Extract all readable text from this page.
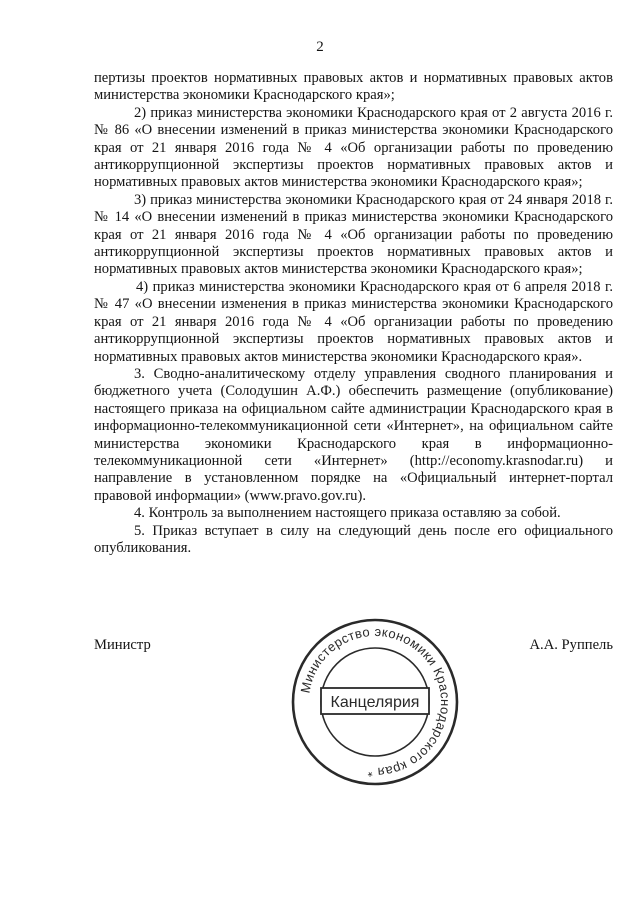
2

пертизы проектов нормативных правовых актов и нормативных правовых актов министерства экономики Краснодарского края»;

2) приказ министерства экономики Краснодарского края от 2 августа 2016 г. № 86 «О внесении изменений в приказ министерства экономики Краснодарского края от 21 января 2016 года № 4 «Об организации работы по проведению антикоррупционной экспертизы проектов нормативных правовых актов и нормативных правовых актов министерства экономики Краснодарского края»;

3) приказ министерства экономики Краснодарского края от 24 января 2018 г. № 14 «О внесении изменений в приказ министерства экономики Краснодарского края от 21 января 2016 года № 4 «Об организации работы по проведению антикоррупционной экспертизы проектов нормативных правовых актов и нормативных правовых актов министерства экономики Краснодарского края»;

4) приказ министерства экономики Краснодарского края от 6 апреля 2018 г. № 47 «О внесении изменения в приказ министерства экономики Краснодарского края от 21 января 2016 года № 4 «Об организации работы по проведению антикоррупционной экспертизы проектов нормативных правовых актов и нормативных правовых актов министерства экономики Краснодарского края».

3. Сводно-аналитическому отделу управления сводного планирования и бюджетного учета (Солодушин А.Ф.) обеспечить размещение (опубликование) настоящего приказа на официальном сайте администрации Краснодарского края в информационно-телекоммуникационной сети «Интернет», на официальном сайте министерства экономики Краснодарского края в информационно-телекоммуникационной сети «Интернет» (http://economy.krasnodar.ru) и направление в установленном порядке на «Официальный интернет-портал правовой информации» (www.pravo.gov.ru).

4. Контроль за выполнением настоящего приказа оставляю за собой.

5. Приказ вступает в силу на следующий день после его официального опубликования.

Министр	А.А. Руппель
Министерство экономики Краснодарского края *
Канцелярия
